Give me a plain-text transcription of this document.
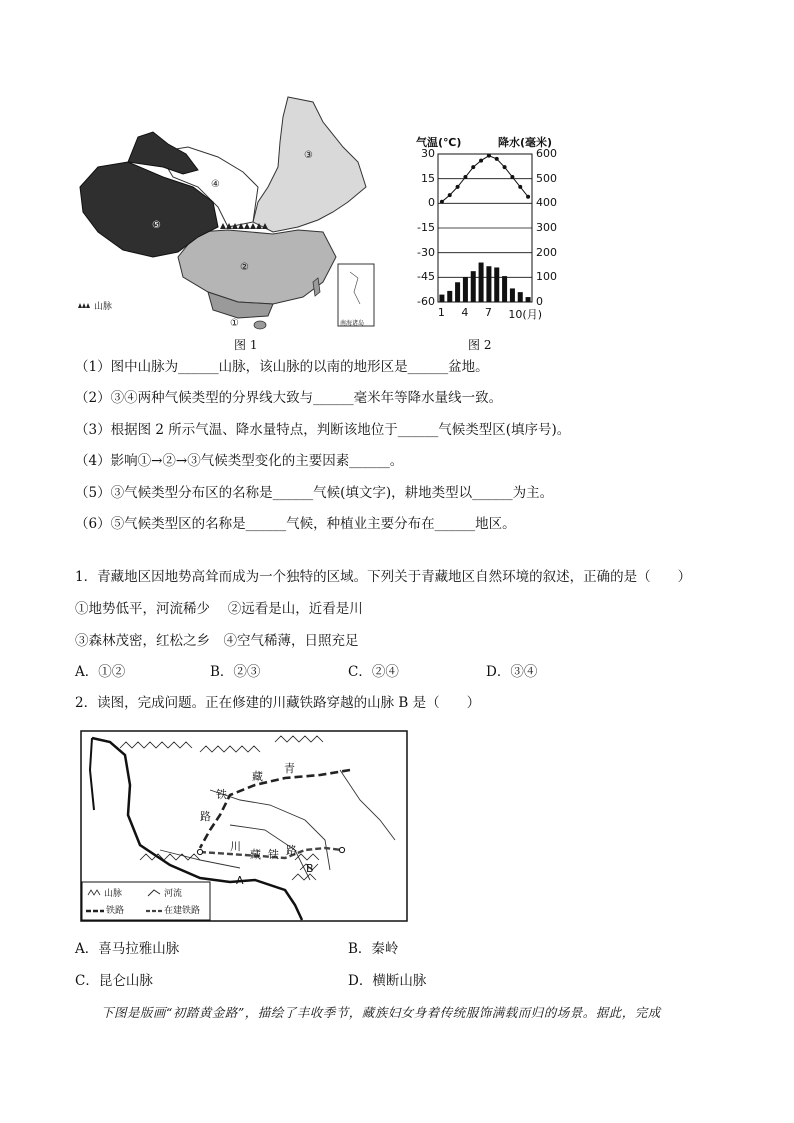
③
④
⑤
②
①
山脉
南海诸岛
图 1
气温(℃)	降水(毫米)
30
15
0
-15
-30
-45
-60
600
500
400
300
200
100
0
1 4 7 10(月)
图 2
（1）图中山脉为______山脉，该山脉的以南的地形区是______盆地。
（2）③④两种气候类型的分界线大致与______毫米年等降水量线一致。
（3）根据图 2 所示气温、降水量特点，判断该地位于______气候类型区(填序号)。
（4）影响①→②→③气候类型变化的主要因素______。
（5）③气候类型分布区的名称是______气候(填文字)，耕地类型以______为主。
（6）⑤气候类型区的名称是______气候，种植业主要分布在______地区。
1．青藏地区因地势高耸而成为一个独特的区域。下列关于青藏地区自然环境的叙述，正确的是（　　）
①地势低平，河流稀少　 ②远看是山，近看是川
③森林茂密，红松之乡　④空气稀薄，日照充足
A．①②	B．②③	C．②④	D．③④
2．读图，完成问题。正在修建的川藏铁路穿越的山脉 B 是（　　）
藏
青
铁
路
川
藏 铁 路
A
B
山脉	河流
铁路	在建铁路
A．喜马拉雅山脉	B．秦岭
C．昆仑山脉	D．横断山脉
下图是版画“初踏黄金路”，描绘了丰收季节，藏族妇女身着传统服饰满载而归的场景。据此，完成
